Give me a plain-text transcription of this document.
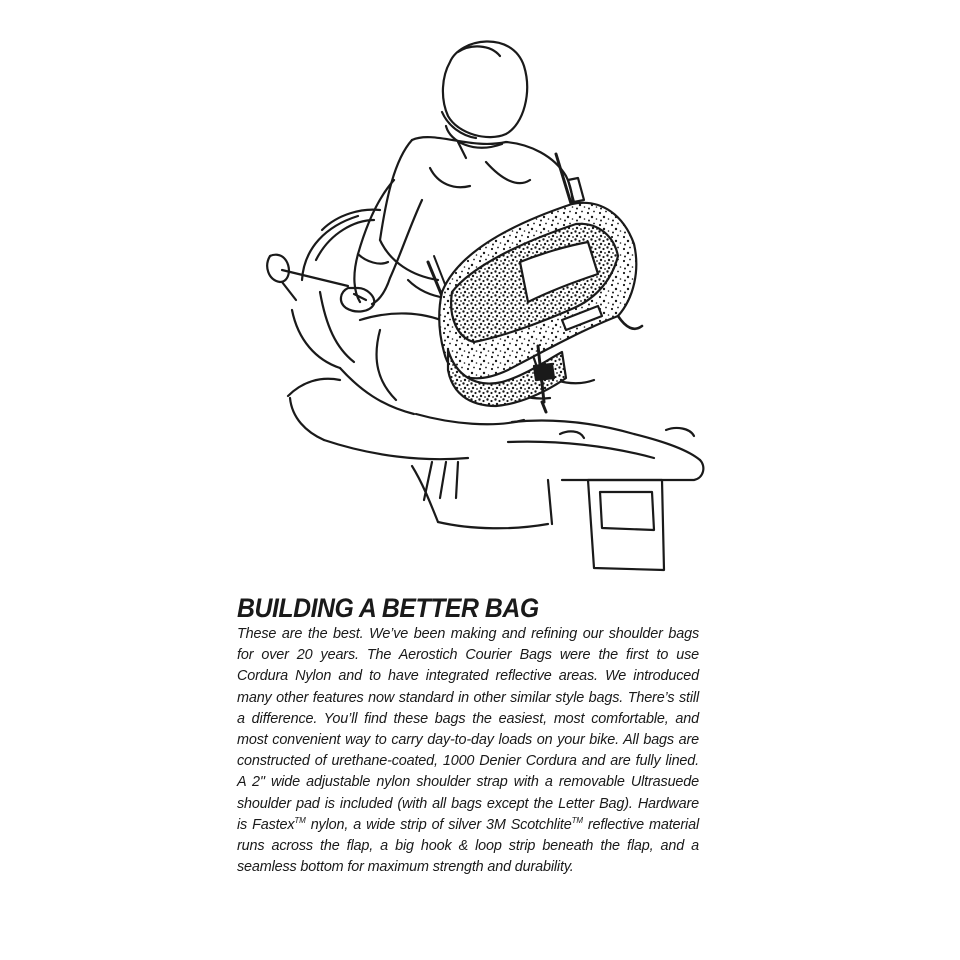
BUILDING A BETTER BAG

These are the best. We’ve been making and refining our shoulder bags for over 20 years. The Aerostich Courier Bags were the first to use Cordura Nylon and to have integrated reflective areas. We introduced many other features now standard in other similar style bags. There’s still a difference. You’ll find these bags the easiest, most comfortable, and most convenient way to carry day-to-day loads on your bike. All bags are constructed of urethane-coated, 1000 Denier Cordura and are fully lined. A 2" wide adjustable nylon shoulder strap with a removable Ultrasuede shoulder pad is included (with all bags except the Letter Bag). Hardware is Fastex™ nylon, a wide strip of silver 3M Scotchlite™ reflective material runs across the flap, a big hook & loop strip beneath the flap, and a seamless bottom for maximum strength and durability.
